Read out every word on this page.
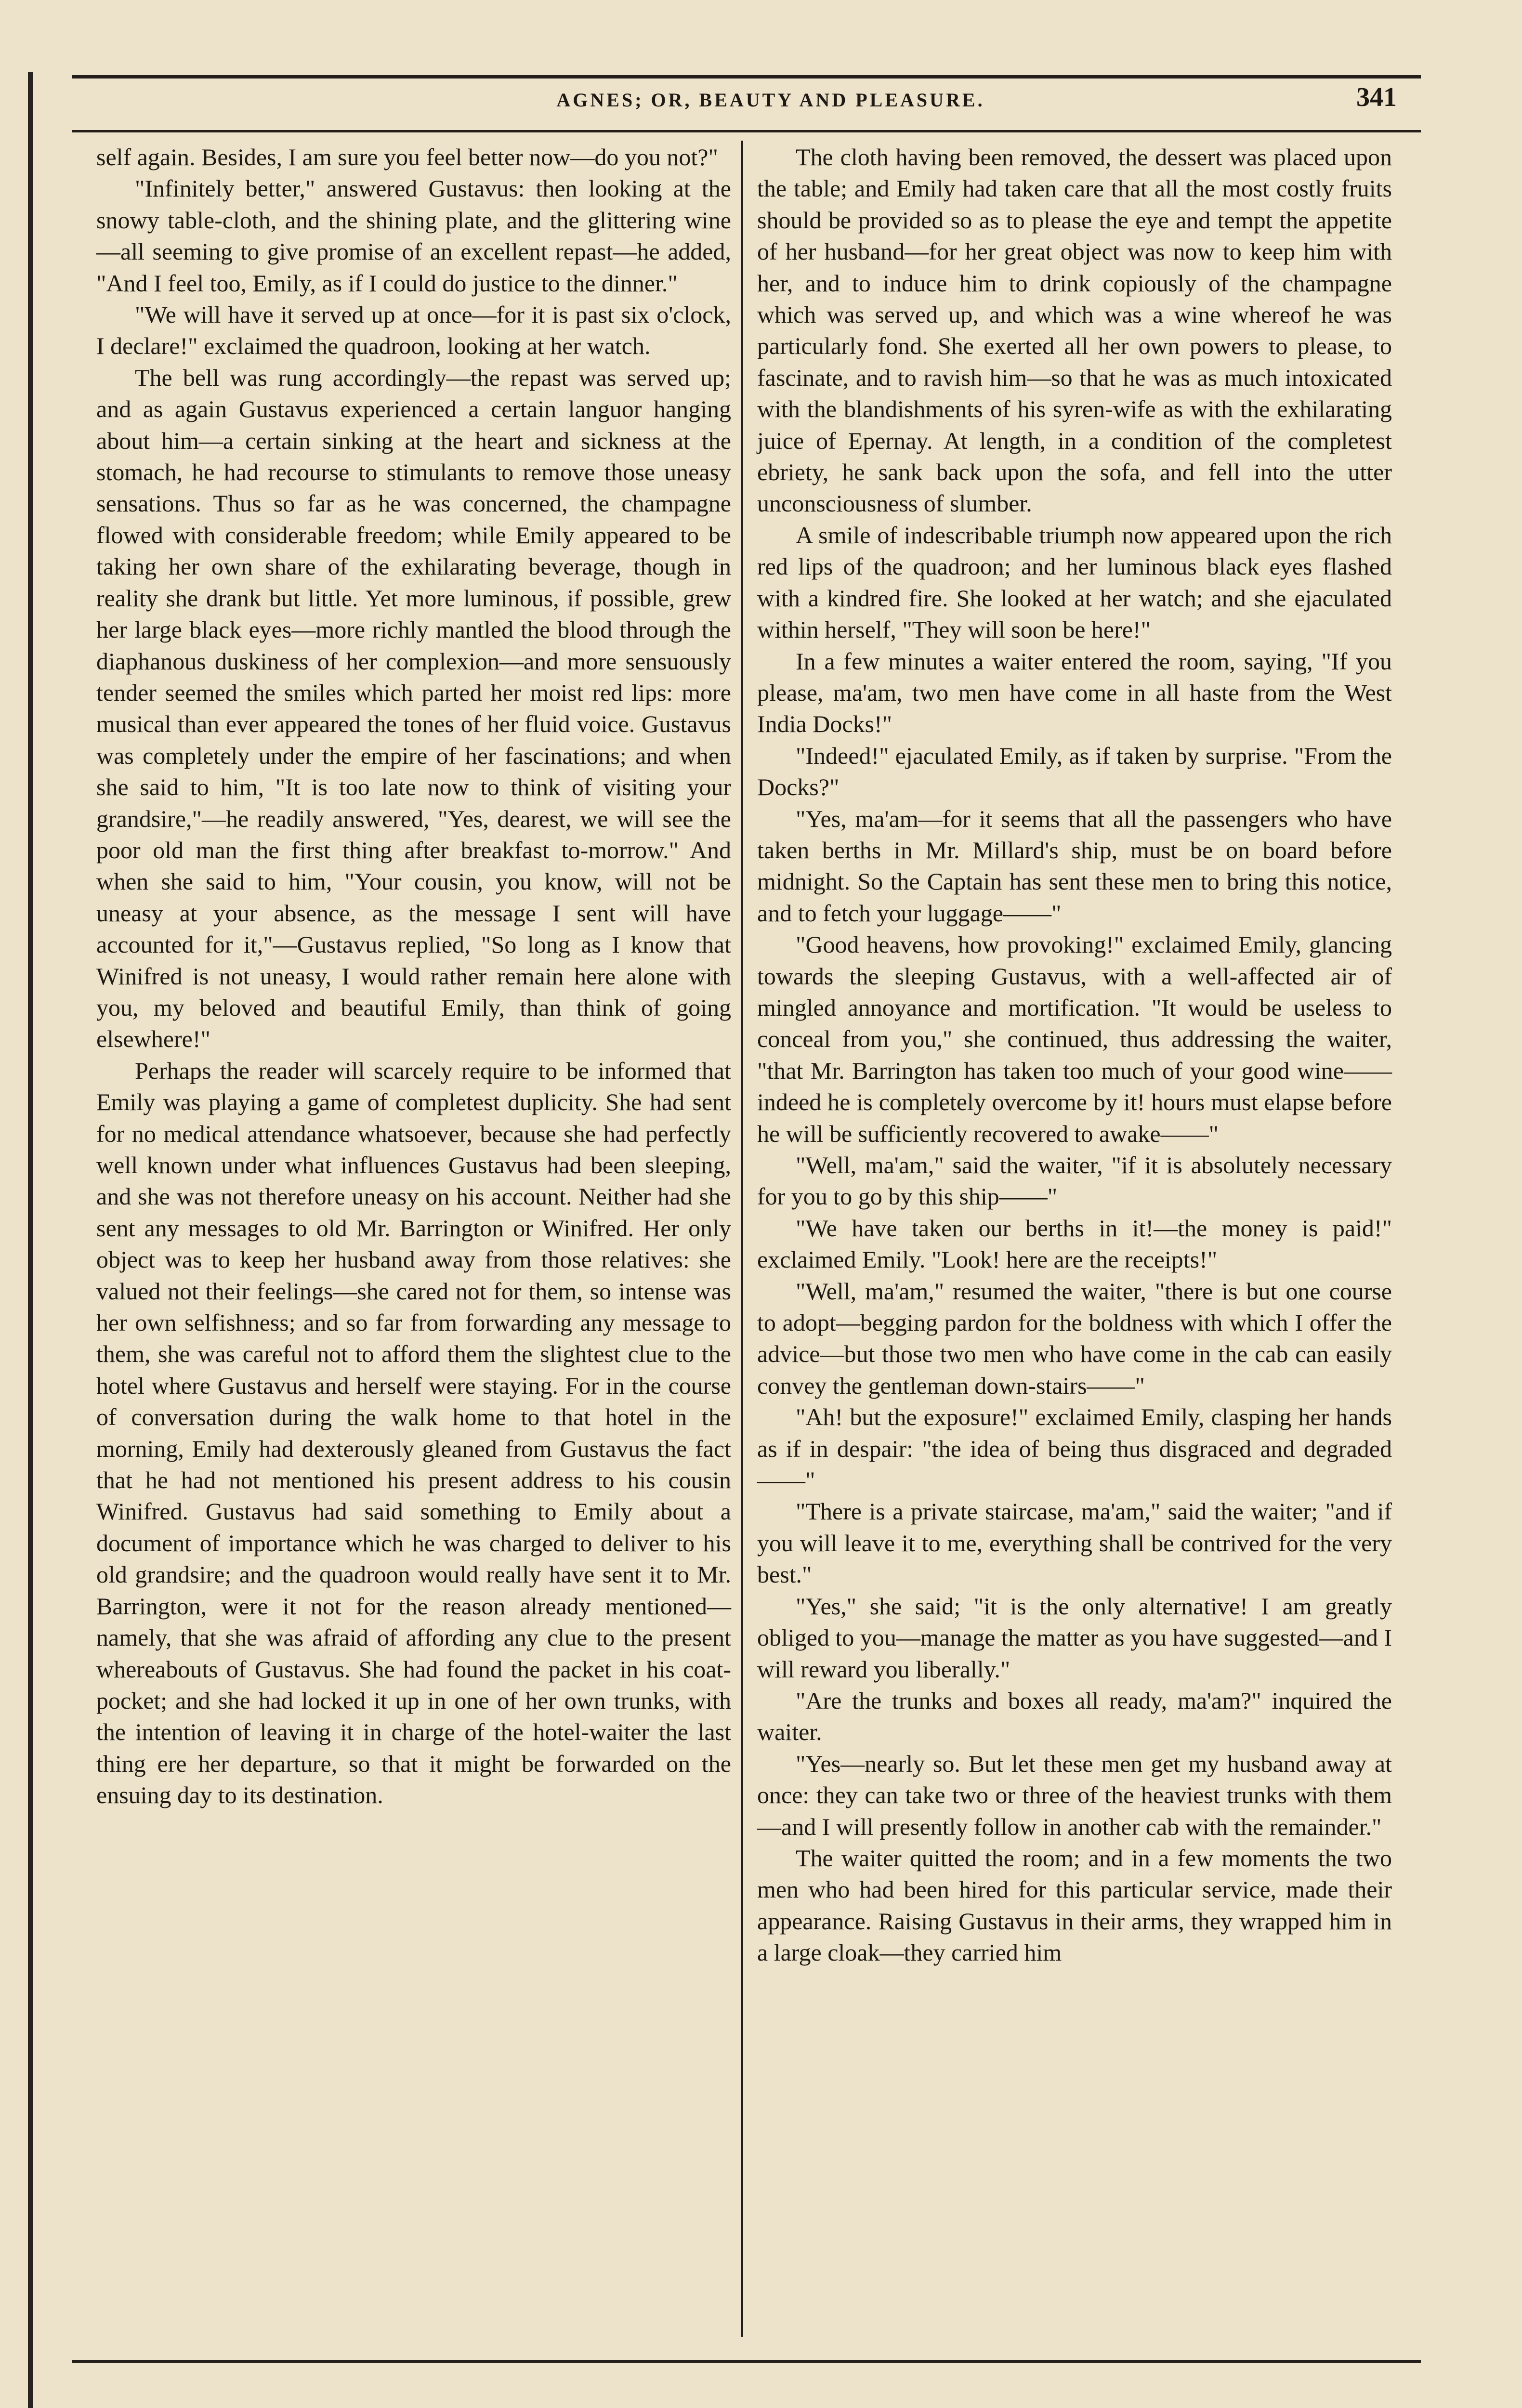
AGNES; OR, BEAUTY AND PLEASURE.	341

self again. Besides, I am sure you feel better now—do you not?"

"Infinitely better," answered Gustavus: then looking at the snowy table-cloth, and the shining plate, and the glittering wine—all seeming to give promise of an excellent repast—he added, "And I feel too, Emily, as if I could do justice to the dinner."

"We will have it served up at once—for it is past six o'clock, I declare!" exclaimed the quadroon, looking at her watch.

The bell was rung accordingly—the repast was served up; and as again Gustavus experienced a certain languor hanging about him—a certain sinking at the heart and sickness at the stomach, he had recourse to stimulants to remove those uneasy sensations. Thus so far as he was concerned, the champagne flowed with considerable freedom; while Emily appeared to be taking her own share of the exhilarating beverage, though in reality she drank but little. Yet more luminous, if possible, grew her large black eyes—more richly mantled the blood through the diaphanous duskiness of her complexion—and more sensuously tender seemed the smiles which parted her moist red lips: more musical than ever appeared the tones of her fluid voice. Gustavus was completely under the empire of her fascinations; and when she said to him, "It is too late now to think of visiting your grandsire,"—he readily answered, "Yes, dearest, we will see the poor old man the first thing after breakfast to-morrow." And when she said to him, "Your cousin, you know, will not be uneasy at your absence, as the message I sent will have accounted for it,"—Gustavus replied, "So long as I know that Winifred is not uneasy, I would rather remain here alone with you, my beloved and beautiful Emily, than think of going elsewhere!"

Perhaps the reader will scarcely require to be informed that Emily was playing a game of completest duplicity. She had sent for no medical attendance whatsoever, because she had perfectly well known under what influences Gustavus had been sleeping, and she was not therefore uneasy on his account. Neither had she sent any messages to old Mr. Barrington or Winifred. Her only object was to keep her husband away from those relatives: she valued not their feelings—she cared not for them, so intense was her own selfishness; and so far from forwarding any message to them, she was careful not to afford them the slightest clue to the hotel where Gustavus and herself were staying. For in the course of conversation during the walk home to that hotel in the morning, Emily had dexterously gleaned from Gustavus the fact that he had not mentioned his present address to his cousin Winifred. Gustavus had said something to Emily about a document of importance which he was charged to deliver to his old grandsire; and the quadroon would really have sent it to Mr. Barrington, were it not for the reason already mentioned—namely, that she was afraid of affording any clue to the present whereabouts of Gustavus. She had found the packet in his coat-pocket; and she had locked it up in one of her own trunks, with the intention of leaving it in charge of the hotel-waiter the last thing ere her departure, so that it might be forwarded on the ensuing day to its destination.

The cloth having been removed, the dessert was placed upon the table; and Emily had taken care that all the most costly fruits should be provided so as to please the eye and tempt the appetite of her husband—for her great object was now to keep him with her, and to induce him to drink copiously of the champagne which was served up, and which was a wine whereof he was particularly fond. She exerted all her own powers to please, to fascinate, and to ravish him—so that he was as much intoxicated with the blandishments of his syren-wife as with the exhilarating juice of Epernay. At length, in a condition of the completest ebriety, he sank back upon the sofa, and fell into the utter unconsciousness of slumber.

A smile of indescribable triumph now appeared upon the rich red lips of the quadroon; and her luminous black eyes flashed with a kindred fire. She looked at her watch; and she ejaculated within herself, "They will soon be here!"

In a few minutes a waiter entered the room, saying, "If you please, ma'am, two men have come in all haste from the West India Docks!"

"Indeed!" ejaculated Emily, as if taken by surprise. "From the Docks?"

"Yes, ma'am—for it seems that all the passengers who have taken berths in Mr. Millard's ship, must be on board before midnight. So the Captain has sent these men to bring this notice, and to fetch your luggage——"

"Good heavens, how provoking!" exclaimed Emily, glancing towards the sleeping Gustavus, with a well-affected air of mingled annoyance and mortification. "It would be useless to conceal from you," she continued, thus addressing the waiter, "that Mr. Barrington has taken too much of your good wine——indeed he is completely overcome by it! hours must elapse before he will be sufficiently recovered to awake——"

"Well, ma'am," said the waiter, "if it is absolutely necessary for you to go by this ship——"

"We have taken our berths in it!—the money is paid!" exclaimed Emily. "Look! here are the receipts!"

"Well, ma'am," resumed the waiter, "there is but one course to adopt—begging pardon for the boldness with which I offer the advice—but those two men who have come in the cab can easily convey the gentleman down-stairs——"

"Ah! but the exposure!" exclaimed Emily, clasping her hands as if in despair: "the idea of being thus disgraced and degraded——"

"There is a private staircase, ma'am," said the waiter; "and if you will leave it to me, everything shall be contrived for the very best."

"Yes," she said; "it is the only alternative! I am greatly obliged to you—manage the matter as you have suggested—and I will reward you liberally."

"Are the trunks and boxes all ready, ma'am?" inquired the waiter.

"Yes—nearly so. But let these men get my husband away at once: they can take two or three of the heaviest trunks with them—and I will presently follow in another cab with the remainder."

The waiter quitted the room; and in a few moments the two men who had been hired for this particular service, made their appearance. Raising Gustavus in their arms, they wrapped him in a large cloak—they carried him
